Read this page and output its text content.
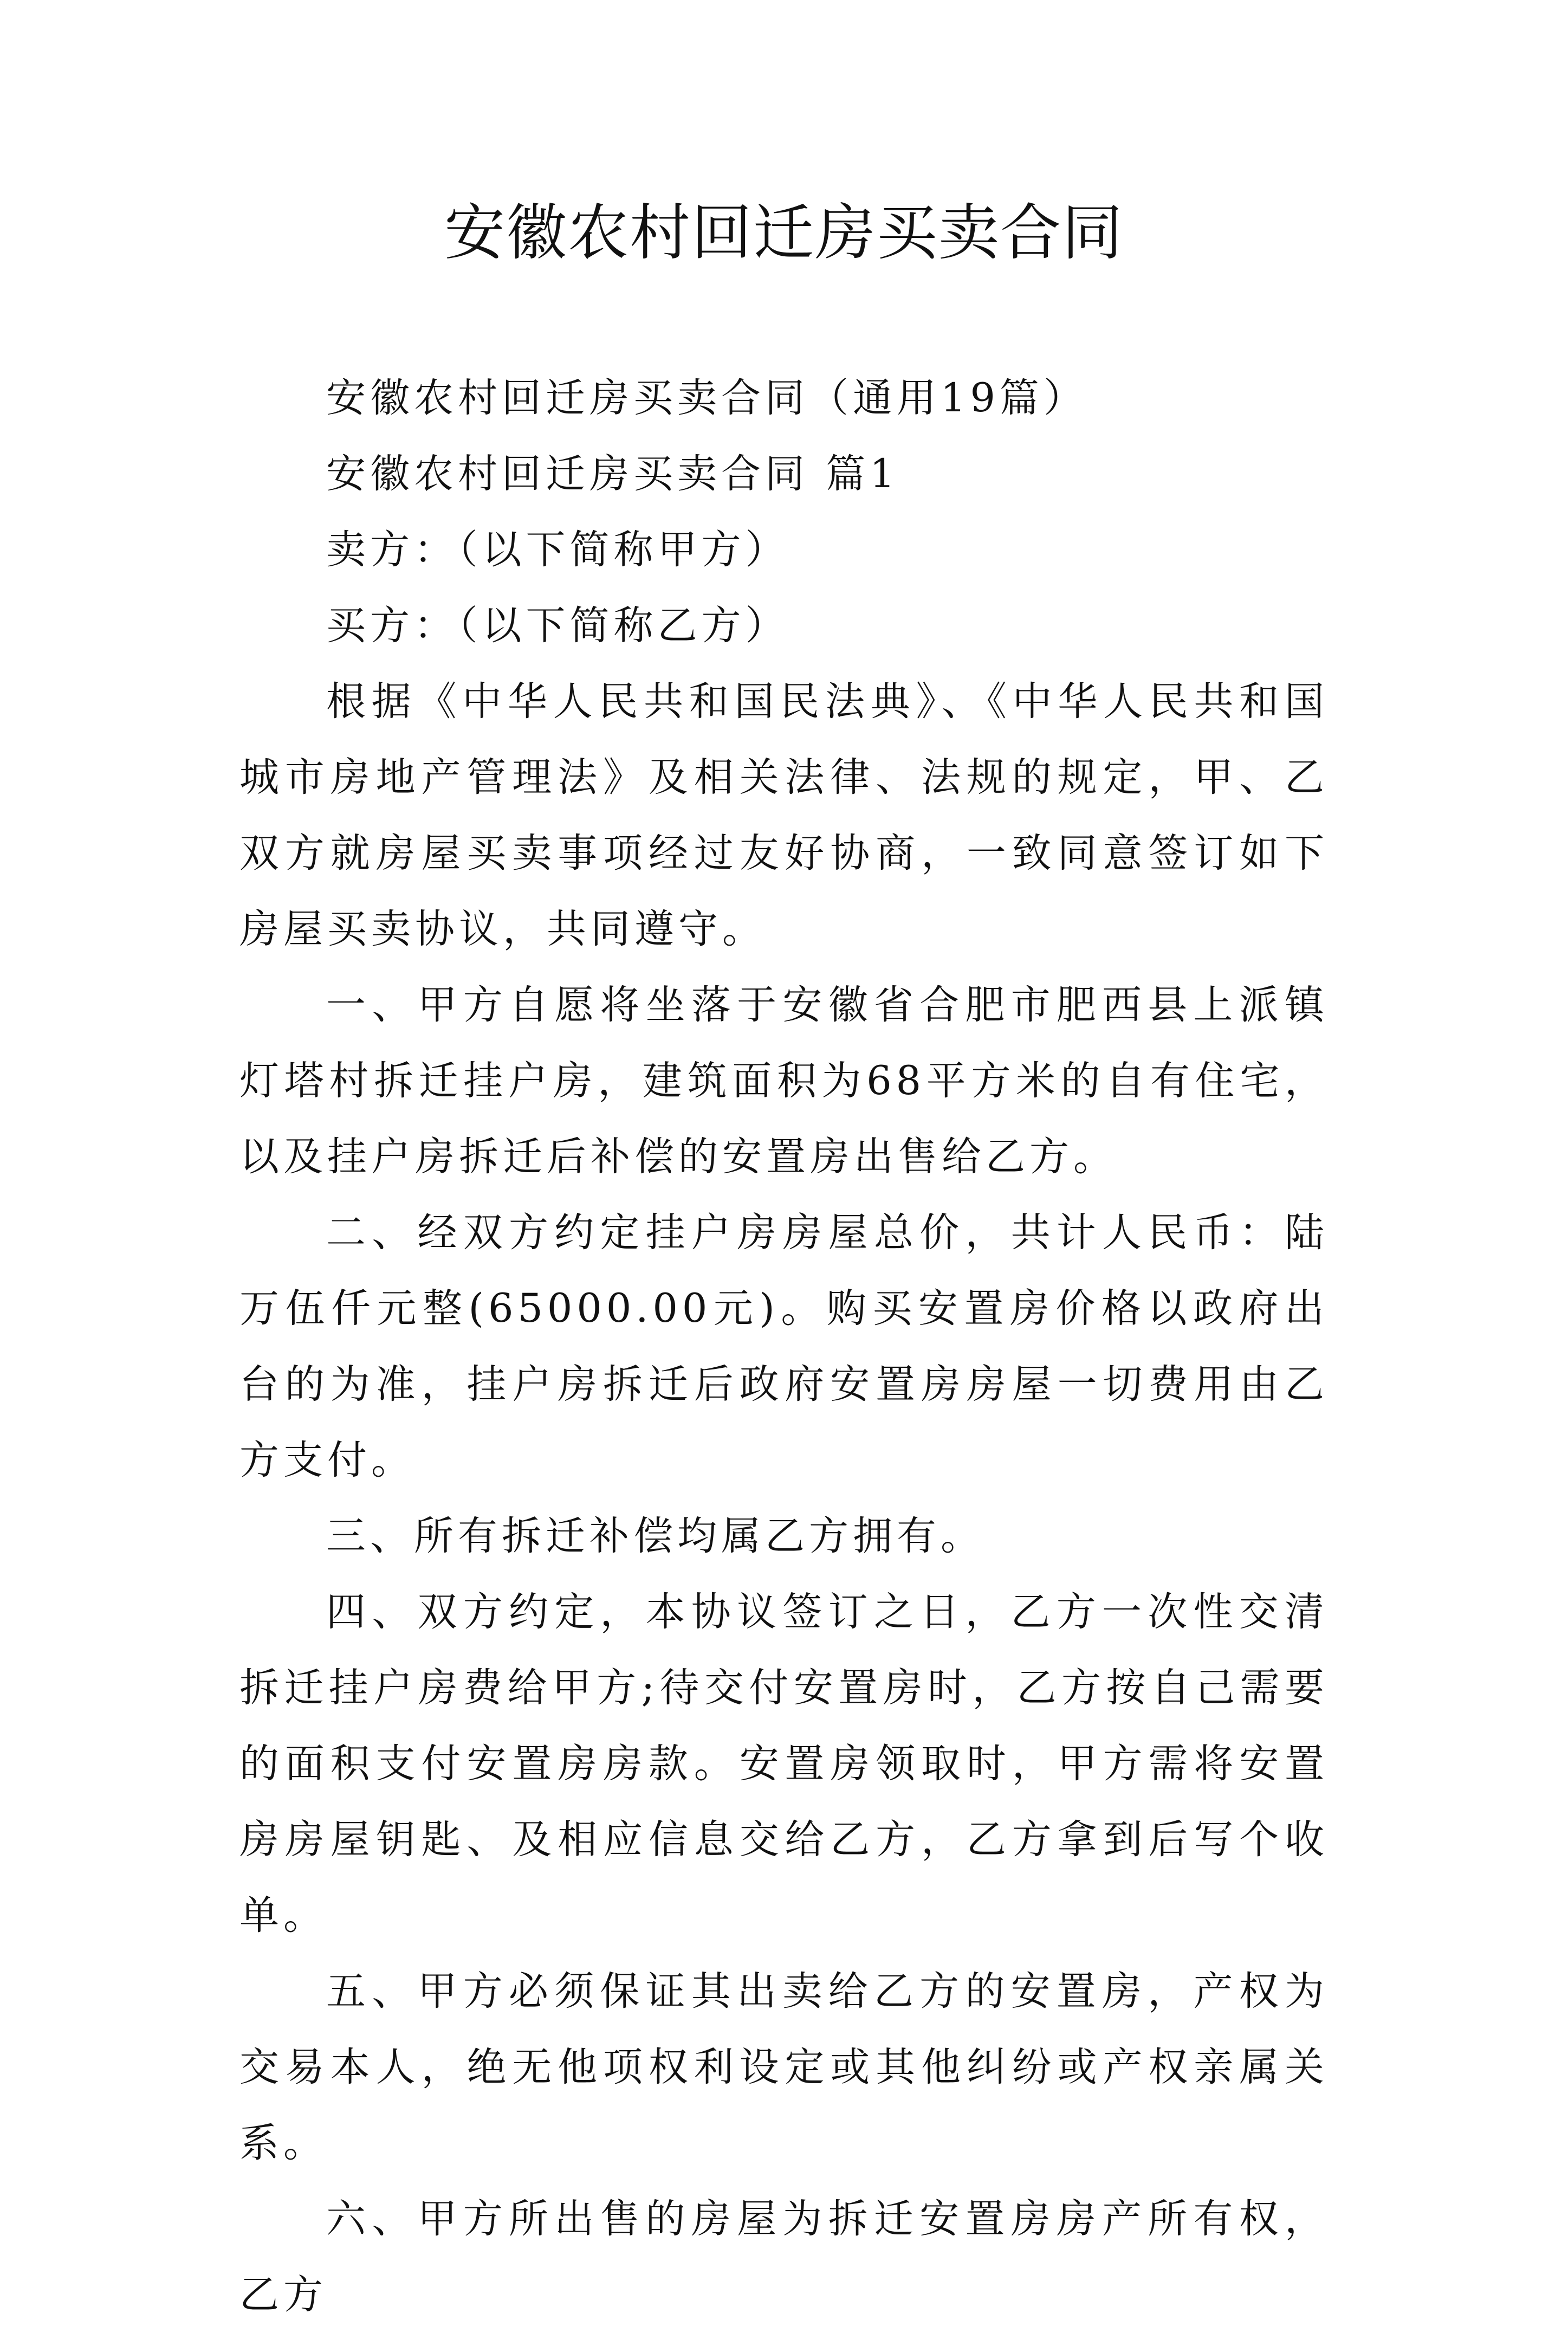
安徽农村回迁房买卖合同

安徽农村回迁房买卖合同（通用19篇）

安徽农村回迁房买卖合同 篇1

卖方：（以下简称甲方）

买方：（以下简称乙方）

根据《中华人民共和国民法典》、《中华人民共和国城市房地产管理法》及相关法律、法规的规定，甲、乙双方就房屋买卖事项经过友好协商，一致同意签订如下房屋买卖协议，共同遵守。

一、甲方自愿将坐落于安徽省合肥市肥西县上派镇灯塔村拆迁挂户房，建筑面积为68平方米的自有住宅，以及挂户房拆迁后补偿的安置房出售给乙方。

二、经双方约定挂户房房屋总价，共计人民币：陆万伍仟元整(65000.00元)。购买安置房价格以政府出台的为准，挂户房拆迁后政府安置房房屋一切费用由乙方支付。

三、所有拆迁补偿均属乙方拥有。

四、双方约定，本协议签订之日，乙方一次性交清拆迁挂户房费给甲方;待交付安置房时，乙方按自己需要的面积支付安置房房款。安置房领取时，甲方需将安置房房屋钥匙、及相应信息交给乙方，乙方拿到后写个收单。

五、甲方必须保证其出卖给乙方的安置房，产权为交易本人，绝无他项权利设定或其他纠纷或产权亲属关系。

六、甲方所出售的房屋为拆迁安置房房产所有权，乙方
